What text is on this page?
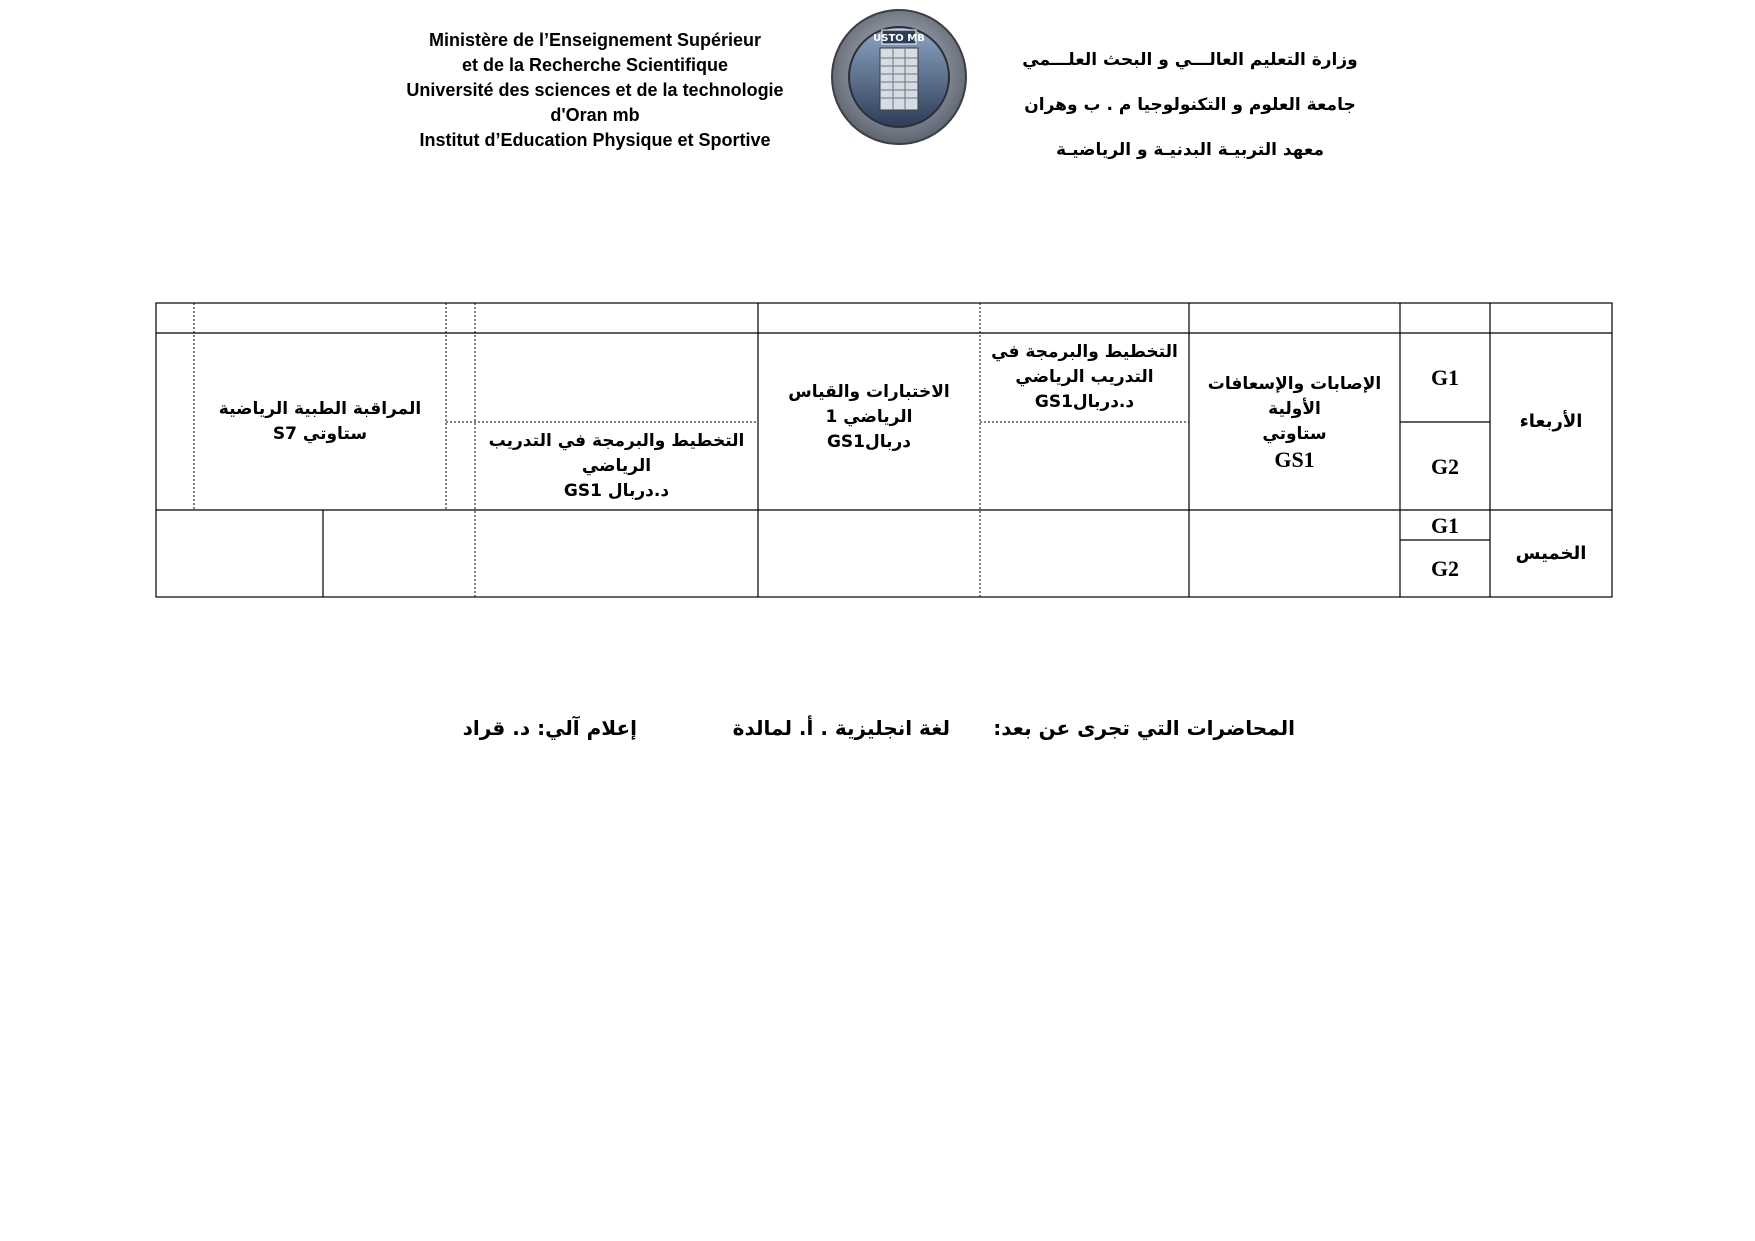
Ministère de l’Enseignement Supérieur
et de la Recherche Scientifique
Université des sciences et de la technologie
d'Oran mb
Institut d’Education Physique et Sportive
USTO MB
وزارة التعليم العالـــي و البحث العلـــمي
جامعة العلوم و التكنولوجيا م . ب وهران
معهد التربيـة البدنيـة و الرياضيـة
الأربعاء
G1
G2
الإصابات والإسعافات
الأولية
ستاوتي
GS1
التخطيط والبرمجة في
التدريب الرياضي
د.دربالGS1
الاختبارات والقياس
الرياضي 1
دربالGS1
التخطيط والبرمجة في التدريب
الرياضي
د.دربال GS1
المراقبة الطبية الرياضية
ستاوتي S7
الخميس
G1
G2
المحاضرات التي تجرى عن بعد:
لغة انجليزية . أ. لمالدة
إعلام آلي: د. قراد
